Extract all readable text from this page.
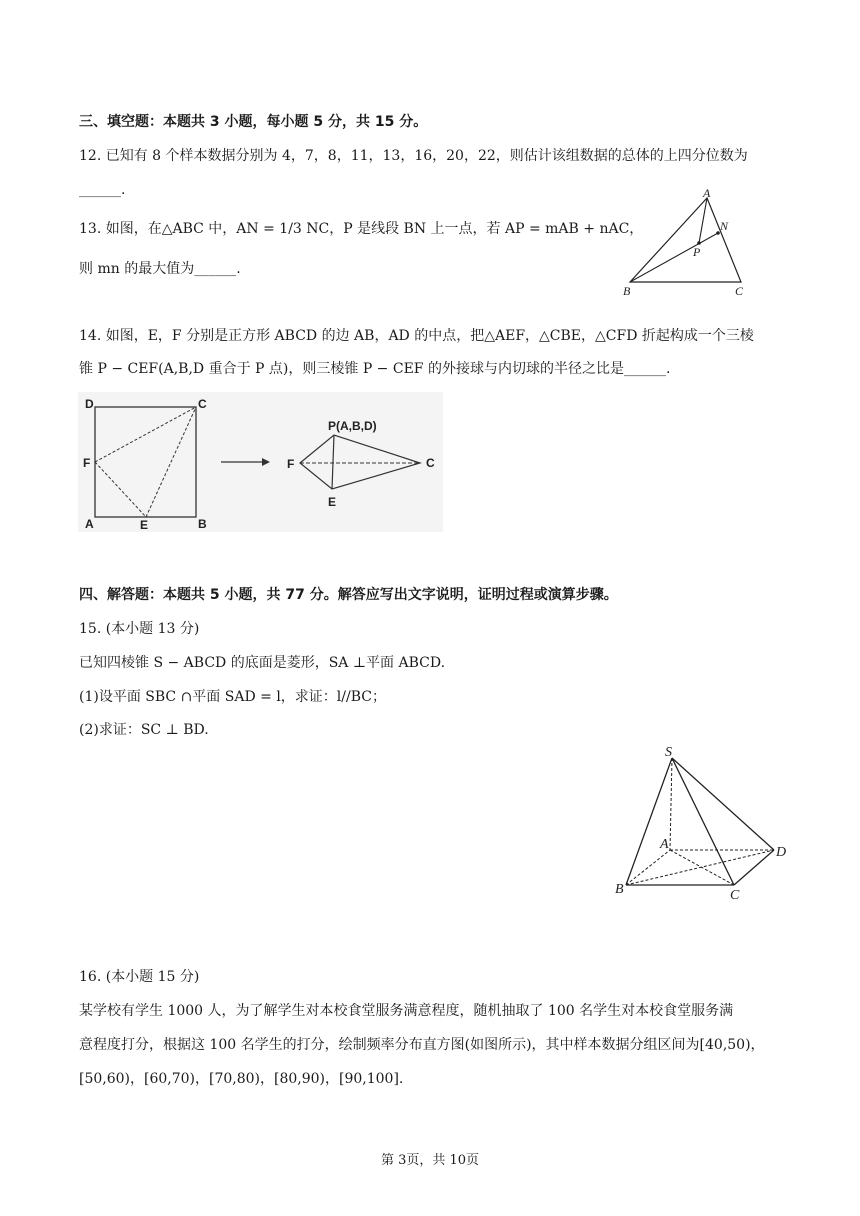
三、填空题：本题共 3 小题，每小题 5 分，共 15 分。
12. 已知有 8 个样本数据分别为 4，7，8，11，13，16，20，22，则估计该组数据的总体的上四分位数为
______.
13. 如图，在△ABC 中，AN = 1/3 NC，P 是线段 BN 上一点，若 AP = mAB + nAC，
则 mn 的最大值为______.
A
B	C
N
P
14. 如图，E，F 分别是正方形 ABCD 的边 AB，AD 的中点，把△AEF，△CBE，△CFD 折起构成一个三棱
锥 P − CEF(A,B,D 重合于 P 点)，则三棱锥 P − CEF 的外接球与内切球的半径之比是______.
D	C
F
A	E	B
P(A,B,D)
F	C
E
四、解答题：本题共 5 小题，共 77 分。解答应写出文字说明，证明过程或演算步骤。
15. (本小题 13 分)
已知四棱锥 S − ABCD 的底面是菱形，SA ⊥平面 ABCD.
(1)设平面 SBC ∩平面 SAD = l，求证：l//BC；
(2)求证：SC ⊥ BD.
S
A
B	C
D
16. (本小题 15 分)
某学校有学生 1000 人，为了解学生对本校食堂服务满意程度，随机抽取了 100 名学生对本校食堂服务满
意程度打分，根据这 100 名学生的打分，绘制频率分布直方图(如图所示)，其中样本数据分组区间为[40,50)，
[50,60)，[60,70)，[70,80)，[80,90)，[90,100].
第 3页，共 10页
